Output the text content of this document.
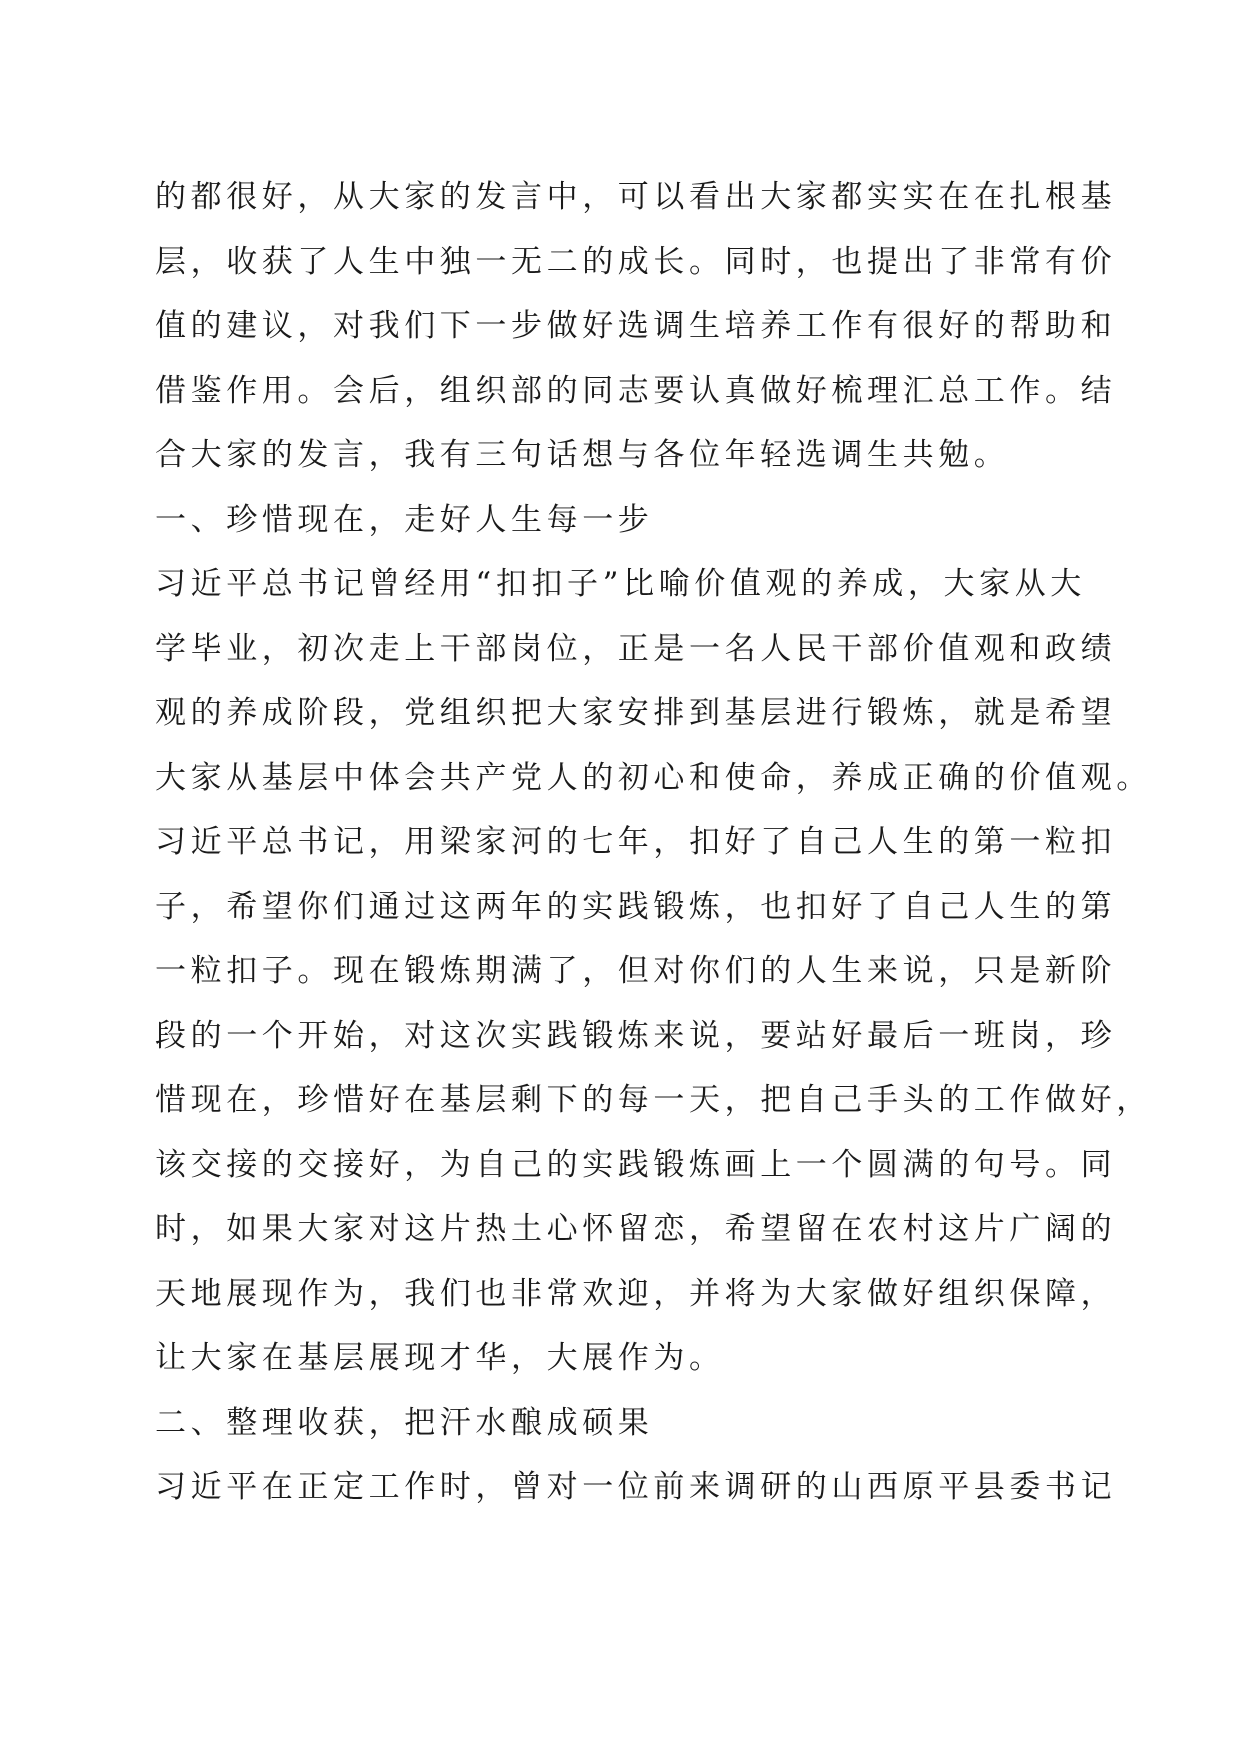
的都很好，从大家的发言中，可以看出大家都实实在在扎根基
层，收获了人生中独一无二的成长。同时，也提出了非常有价
值的建议，对我们下一步做好选调生培养工作有很好的帮助和
借鉴作用。会后，组织部的同志要认真做好梳理汇总工作。结
合大家的发言，我有三句话想与各位年轻选调生共勉。
一、珍惜现在，走好人生每一步
习近平总书记曾经用“扣扣子”比喻价值观的养成，大家从大
学毕业，初次走上干部岗位，正是一名人民干部价值观和政绩
观的养成阶段，党组织把大家安排到基层进行锻炼，就是希望
大家从基层中体会共产党人的初心和使命，养成正确的价值观。
习近平总书记，用梁家河的七年，扣好了自己人生的第一粒扣
子，希望你们通过这两年的实践锻炼，也扣好了自己人生的第
一粒扣子。现在锻炼期满了，但对你们的人生来说，只是新阶
段的一个开始，对这次实践锻炼来说，要站好最后一班岗，珍
惜现在，珍惜好在基层剩下的每一天，把自己手头的工作做好，
该交接的交接好，为自己的实践锻炼画上一个圆满的句号。同
时，如果大家对这片热土心怀留恋，希望留在农村这片广阔的
天地展现作为，我们也非常欢迎，并将为大家做好组织保障，
让大家在基层展现才华，大展作为。
二、整理收获，把汗水酿成硕果
习近平在正定工作时，曾对一位前来调研的山西原平县委书记
